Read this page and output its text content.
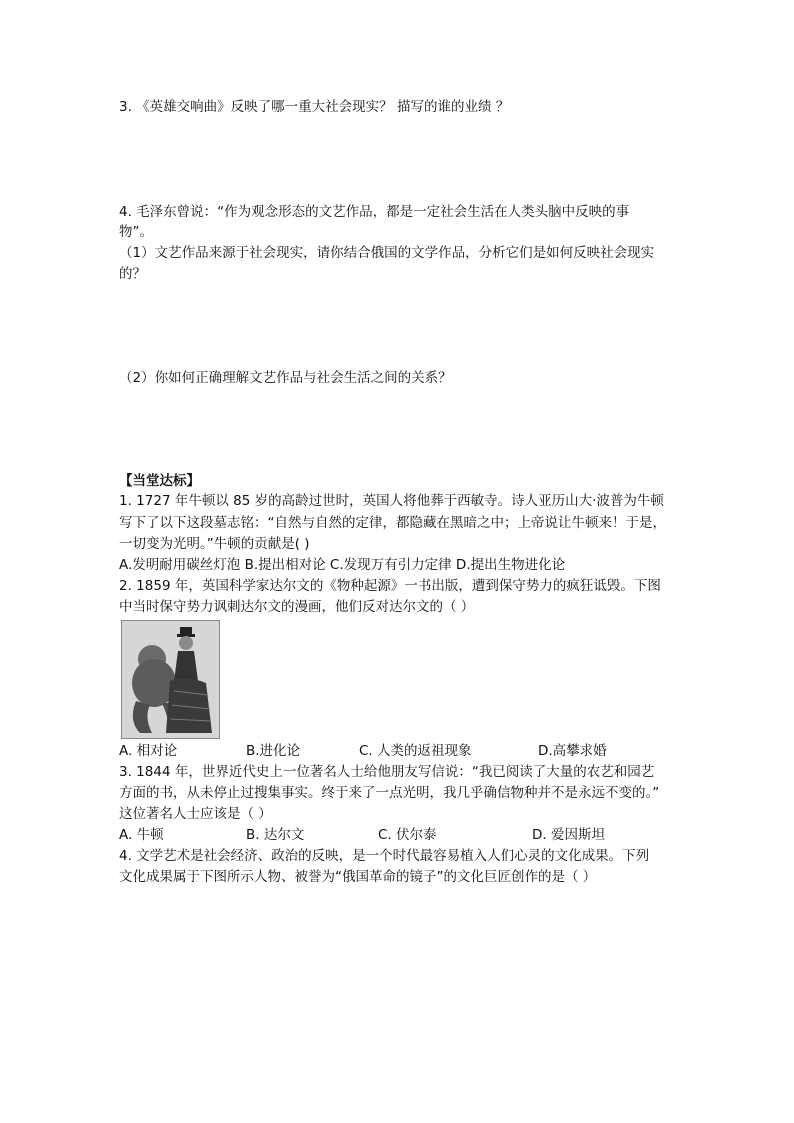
3. 《英雄交响曲》反映了哪一重大社会现实？ 描写的谁的业绩 ？
4. 毛泽东曾说：“作为观念形态的文艺作品，都是一定社会生活在人类头脑中反映的事
物”。
（1）文艺作品来源于社会现实，请你结合俄国的文学作品，分析它们是如何反映社会现实
的？
（2）你如何正确理解文艺作品与社会生活之间的关系？
【当堂达标】
1. 1727 年牛顿以 85 岁的高龄过世时，英国人将他葬于西敏寺。诗人亚历山大·波普为牛顿
写下了以下这段墓志铭：“自然与自然的定律，都隐藏在黑暗之中；上帝说让牛顿来！于是，
一切变为光明。”牛顿的贡献是( )
A.发明耐用碳丝灯泡 B.提出相对论 C.发现万有引力定律 D.提出生物进化论
2. 1859 年，英国科学家达尔文的《物种起源》一书出版，遭到保守势力的疯狂诋毁。下图
中当时保守势力讽刺达尔文的漫画，他们反对达尔文的（ ）
A. 相对论	B.进化论	C. 人类的返祖现象	D.高攀求婚
3. 1844 年，世界近代史上一位著名人士给他朋友写信说：“我已阅读了大量的农艺和园艺
方面的书，从未停止过搜集事实。终于来了一点光明，我几乎确信物种并不是永远不变的。”
这位著名人士应该是（ ）
A. 牛顿	B. 达尔文	C. 伏尔泰	D. 爱因斯坦
4. 文学艺术是社会经济、政治的反映，是一个时代最容易植入人们心灵的文化成果。下列
文化成果属于下图所示人物、被誉为“俄国革命的镜子”的文化巨匠创作的是（ ）
